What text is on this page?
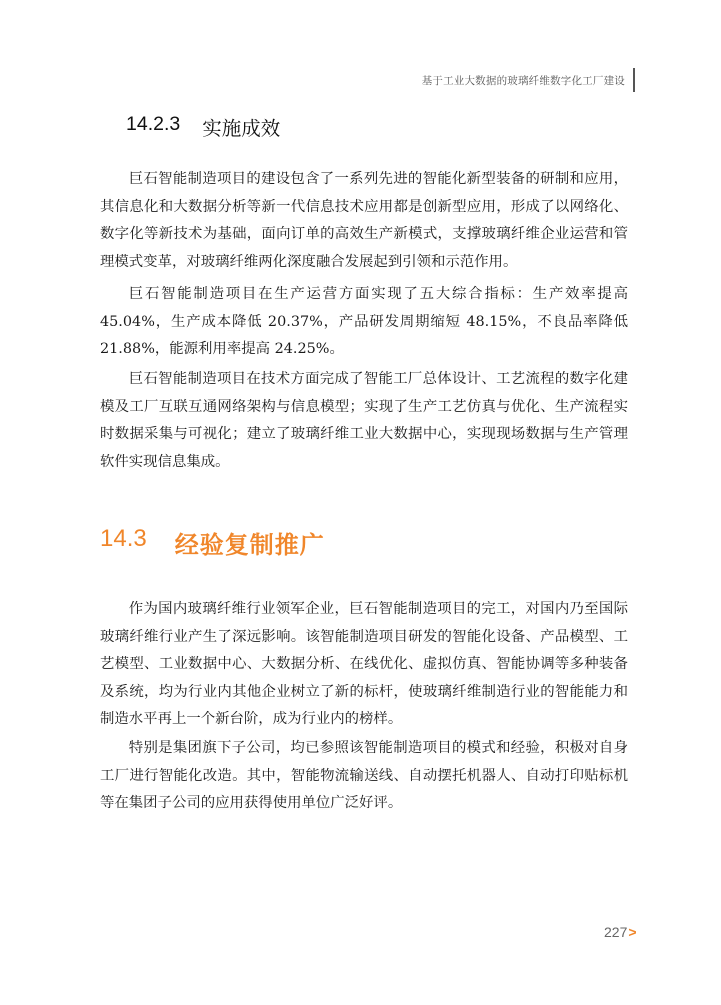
基于工业大数据的玻璃纤维数字化工厂建设
14.2.3 实施成效

巨石智能制造项目的建设包含了一系列先进的智能化新型装备的研制和应用，其信息化和大数据分析等新一代信息技术应用都是创新型应用，形成了以网络化、数字化等新技术为基础，面向订单的高效生产新模式，支撑玻璃纤维企业运营和管理模式变革，对玻璃纤维两化深度融合发展起到引领和示范作用。

巨石智能制造项目在生产运营方面实现了五大综合指标：生产效率提高 45.04%，生产成本降低 20.37%，产品研发周期缩短 48.15%，不良品率降低 21.88%，能源利用率提高 24.25%。

巨石智能制造项目在技术方面完成了智能工厂总体设计、工艺流程的数字化建模及工厂互联互通网络架构与信息模型；实现了生产工艺仿真与优化、生产流程实时数据采集与可视化；建立了玻璃纤维工业大数据中心，实现现场数据与生产管理软件实现信息集成。

14.3 经验复制推广

作为国内玻璃纤维行业领军企业，巨石智能制造项目的完工，对国内乃至国际玻璃纤维行业产生了深远影响。该智能制造项目研发的智能化设备、产品模型、工艺模型、工业数据中心、大数据分析、在线优化、虚拟仿真、智能协调等多种装备及系统，均为行业内其他企业树立了新的标杆，使玻璃纤维制造行业的智能能力和制造水平再上一个新台阶，成为行业内的榜样。

特别是集团旗下子公司，均已参照该智能制造项目的模式和经验，积极对自身工厂进行智能化改造。其中，智能物流输送线、自动摆托机器人、自动打印贴标机等在集团子公司的应用获得使用单位广泛好评。

227 >
